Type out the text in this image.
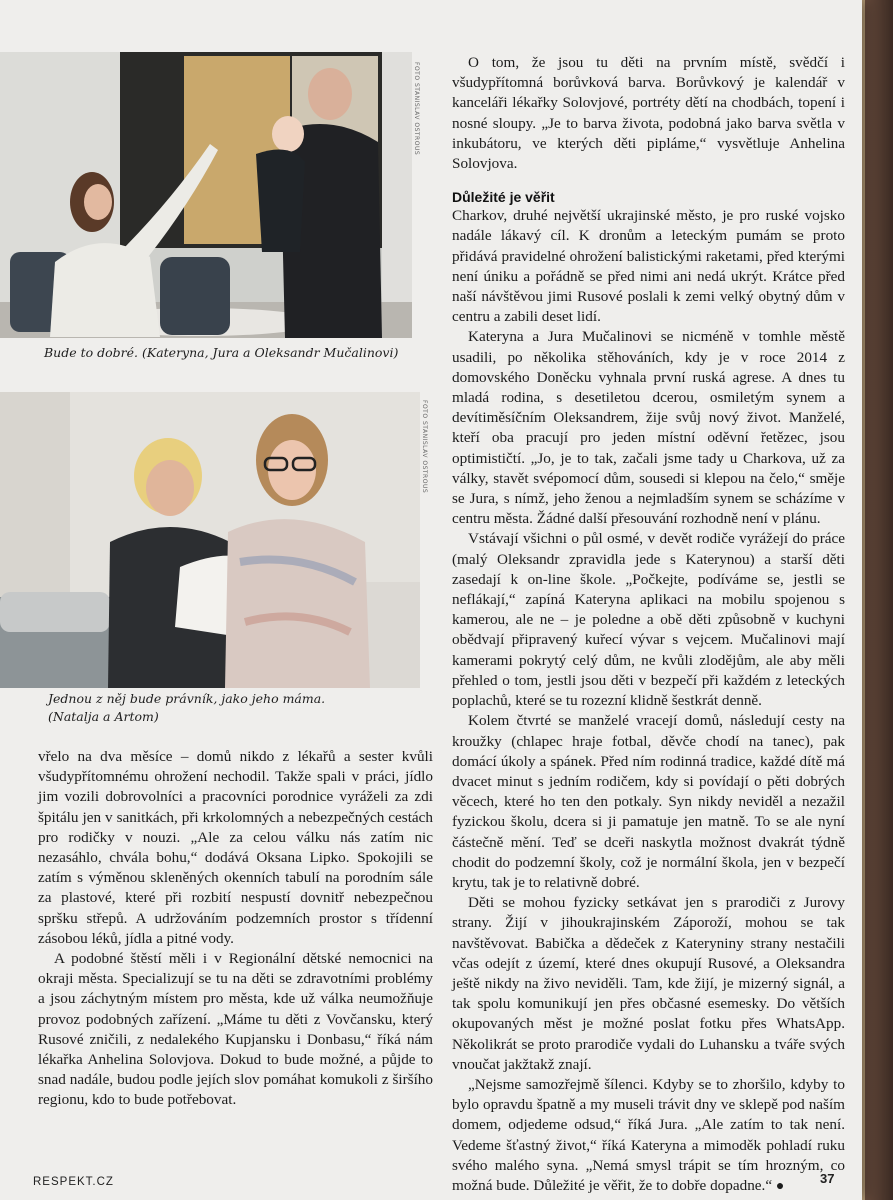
FOTO STANISLAV OSTROUS
Bude to dobré. (Kateryna, Jura a Oleksandr Mučalinovi)
FOTO STANISLAV OSTROUS
Jednou z něj bude právník, jako jeho máma.
(Natalja a Artom)

vřelo na dva měsíce – domů nikdo z lékařů a sester kvůli všudypřítomnému ohrožení nechodil. Takže spali v práci, jídlo jim vozili dobrovolníci a pracovníci porodnice vyráželi za zdi špitálu jen v sanitkách, při krkolomných a nebezpečných cestách pro rodičky v nouzi. „Ale za celou válku nás zatím nic nezasáhlo, chvála bohu,“ dodává Oksana Lipko. Spokojili se zatím s výměnou skleněných okenních tabulí na porodním sále za plastové, které při rozbití nespustí dovnitř nebezpečnou spršku střepů. A udržováním podzemních prostor s třídenní zásobou léků, jídla a pitné vody.

A podobné štěstí měli i v Regionální dětské nemocnici na okraji města. Specializují se tu na děti se zdravotními problémy a jsou záchytným místem pro města, kde už válka neumožňuje provoz podobných zařízení. „Máme tu děti z Vovčansku, který Rusové zničili, z nedalekého Kupjansku i Donbasu,“ říká nám lékařka Anhelina Solovjova. Dokud to bude možné, a půjde to snad nadále, budou podle jejích slov pomáhat komukoli z širšího regionu, kdo to bude potřebovat.

O tom, že jsou tu děti na prvním místě, svědčí i všudypřítomná borůvková barva. Borůvkový je kalendář v kanceláři lékařky Solovjové, portréty dětí na chodbách, topení i nosné sloupy. „Je to barva života, podobná jako barva světla v inkubátoru, ve kterých děti pipláme,“ vysvětluje Anhelina Solovjova.

Důležité je věřit

Charkov, druhé největší ukrajinské město, je pro ruské vojsko nadále lákavý cíl. K dronům a leteckým pumám se proto přidává pravidelné ohrožení balistickými raketami, před kterými není úniku a pořádně se před nimi ani nedá ukrýt. Krátce před naší návštěvou jimi Rusové poslali k zemi velký obytný dům v centru a zabili deset lidí.

Kateryna a Jura Mučalinovi se nicméně v tomhle městě usadili, po několika stěhováních, kdy je v roce 2014 z domovského Doněcku vyhnala první ruská agrese. A dnes tu mladá rodina, s desetiletou dcerou, osmiletým synem a devítiměsíčním Oleksandrem, žije svůj nový život. Manželé, kteří oba pracují pro jeden místní oděvní řetězec, jsou optimističtí. „Jo, je to tak, začali jsme tady u Charkova, už za války, stavět svépomocí dům, sousedi si klepou na čelo,“ směje se Jura, s nímž, jeho ženou a nejmladším synem se scházíme v centru města. Žádné další přesouvání rozhodně není v plánu.

Vstávají všichni o půl osmé, v devět rodiče vyrážejí do práce (malý Oleksandr zpravidla jede s Katerynou) a starší děti zasedají k on-line škole. „Počkejte, podíváme se, jestli se neflákají,“ zapíná Kateryna aplikaci na mobilu spojenou s kamerou, ale ne – je poledne a obě děti způsobně v kuchyni obědvají připravený kuřecí vývar s vejcem. Mučalinovi mají kamerami pokrytý celý dům, ne kvůli zlodějům, ale aby měli přehled o tom, jestli jsou děti v bezpečí při každém z leteckých poplachů, které se tu rozezní klidně šestkrát denně.

Kolem čtvrté se manželé vracejí domů, následují cesty na kroužky (chlapec hraje fotbal, děvče chodí na tanec), pak domácí úkoly a spánek. Před ním rodinná tradice, každé dítě má dvacet minut s jedním rodičem, kdy si povídají o pěti dobrých věcech, které ho ten den potkaly. Syn nikdy neviděl a nezažil fyzickou školu, dcera si ji pamatuje jen matně. To se ale nyní částečně mění. Teď se dceři naskytla možnost dvakrát týdně chodit do podzemní školy, což je normální škola, jen v bezpečí krytu, tak je to relativně dobré.

Děti se mohou fyzicky setkávat jen s prarodiči z Jurovy strany. Žijí v jihoukrajinském Záporoží, mohou se tak navštěvovat. Babička a dědeček z Kateryniny strany nestačili včas odejít z území, které dnes okupují Rusové, a Oleksandra ještě nikdy na živo neviděli. Tam, kde žijí, je mizerný signál, a tak spolu komunikují jen přes občasné esemesky. Do větších okupovaných měst je možné poslat fotku přes WhatsApp. Několikrát se proto prarodiče vydali do Luhansku a tváře svých vnoučat jakžtakž znají.

„Nejsme samozřejmě šílenci. Kdyby se to zhoršilo, kdyby to bylo opravdu špatně a my museli trávit dny ve sklepě pod naším domem, odjedeme odsud,“ říká Jura. „Ale zatím to tak není. Vedeme šťastný život,“ říká Kateryna a mimoděk pohladí ruku svého malého syna. „Nemá smysl trápit se tím hrozným, co možná bude. Důležité je věřit, že to dobře dopadne.“ ●

RESPEKT.CZ	37
